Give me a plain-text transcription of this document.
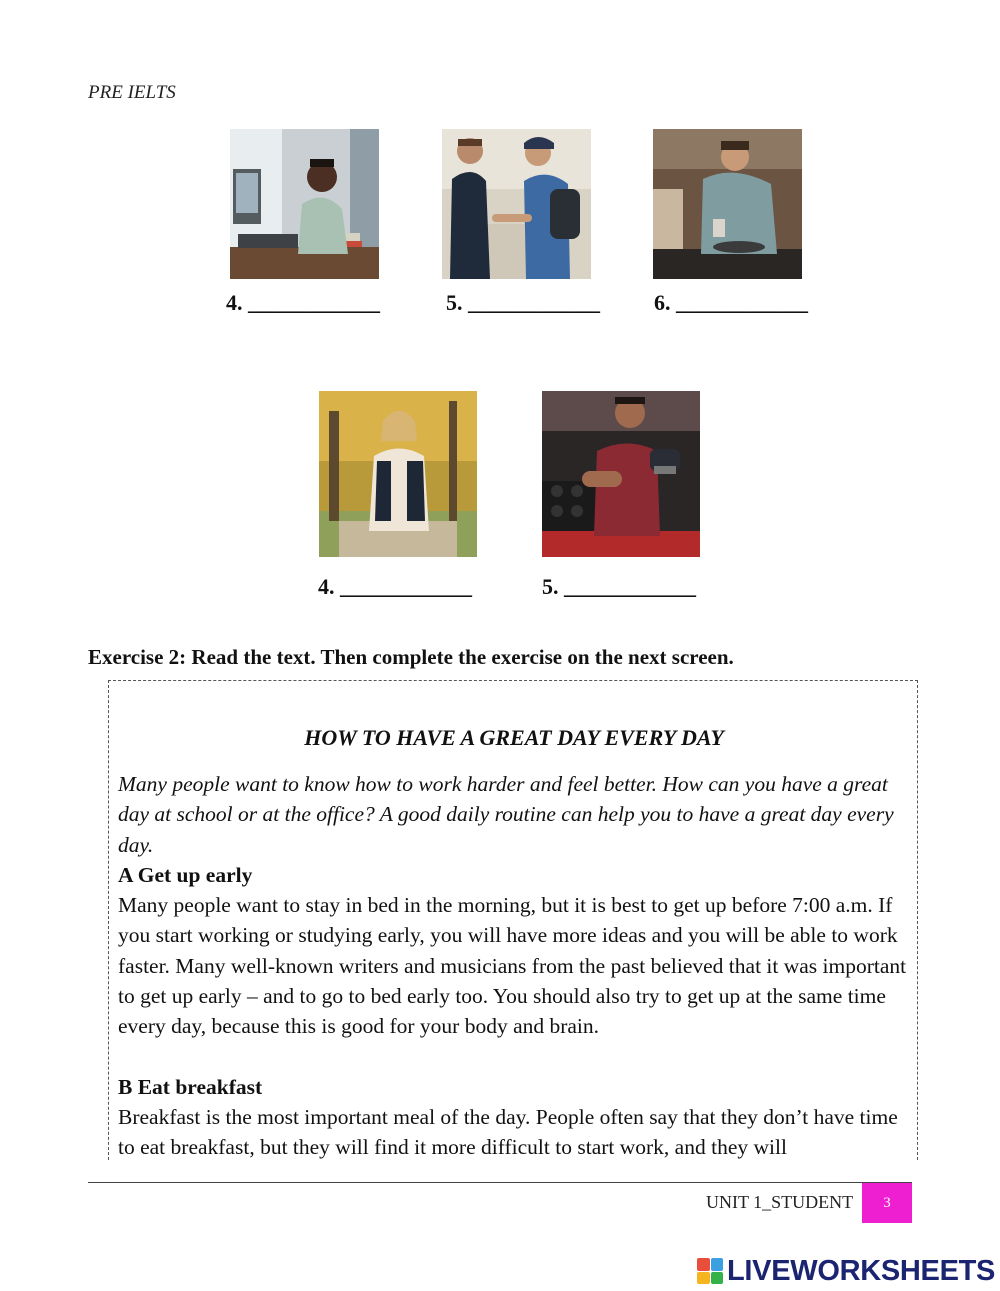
PRE IELTS
4. ____________	5. ____________ 6. ____________
4. ____________	5. ____________
Exercise 2: Read the text. Then complete the exercise on the next screen.
HOW TO HAVE A GREAT DAY EVERY DAY
Many people want to know how to work harder and feel better. How can you have a great day at school or at the office? A good daily routine can help you to have a great day every day.
A Get up early
Many people want to stay in bed in the morning, but it is best to get up before 7:00 a.m. If you start working or studying early, you will have more ideas and you will be able to work faster. Many well-known writers and musicians from the past believed that it was important to get up early – and to go to bed early too. You should also try to get up at the same time every day, because this is good for your body and brain.
B Eat breakfast
Breakfast is the most important meal of the day. People often say that they don’t have time to eat breakfast, but they will find it more difficult to start work, and they will
UNIT 1_STUDENT	3
LIVEWORKSHEETS
